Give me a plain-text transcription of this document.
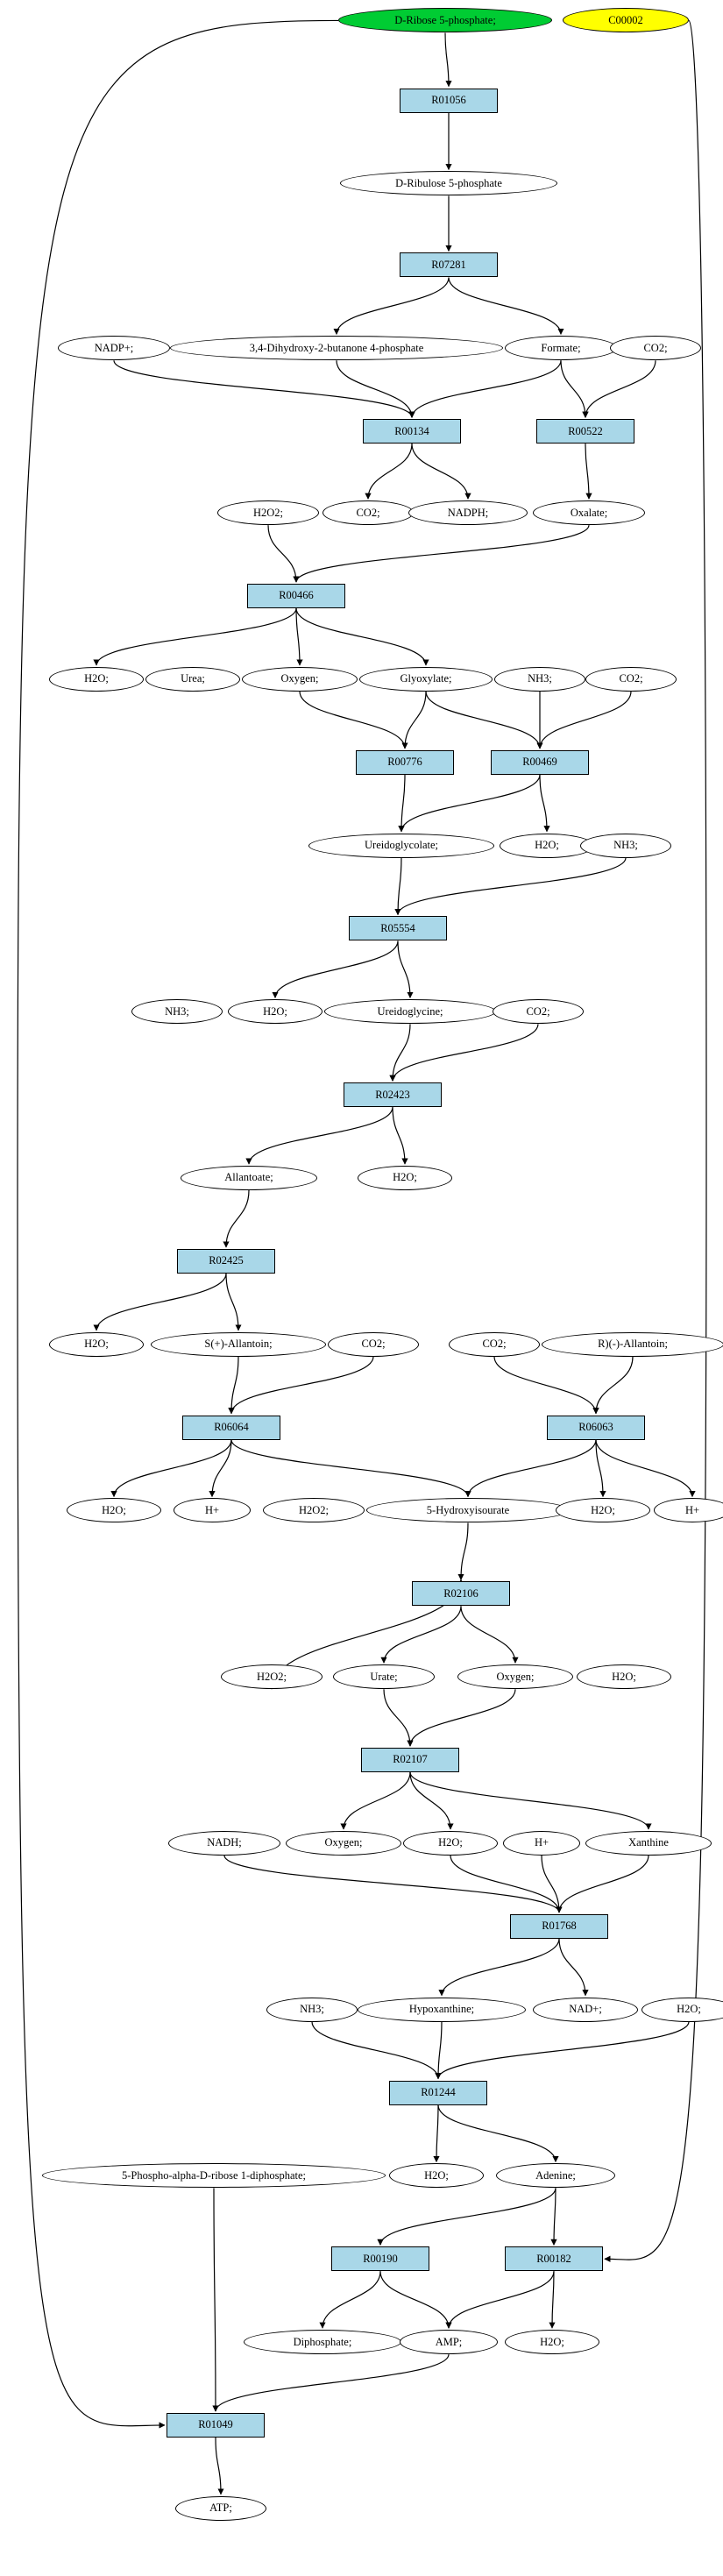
D-Ribose 5-phosphate;	C00002
R01056
D-Ribulose 5-phosphate
R07281
NADP+;	3,4-Dihydroxy-2-butanone 4-phosphate	Formate;	CO2;
R00134	R00522
H2O2;	CO2;	NADPH;	Oxalate;
R00466
H2O;	Urea;	Oxygen;	Glyoxylate;	NH3;	CO2;
R00776	R00469
Ureidoglycolate;	H2O;	NH3;
R05554
NH3;	H2O;	Ureidoglycine;	CO2;
R02423
Allantoate;	H2O;
R02425
H2O;	S(+)-Allantoin;	CO2;	CO2;	R)(-)-Allantoin;
R06064	R06063
H2O;	H+	H2O2;	5-Hydroxyisourate	H2O;	H+
R02106
H2O2;	Urate;	Oxygen;	H2O;
R02107
NADH;	Oxygen;	H2O;	H+	Xanthine
R01768
NH3;	Hypoxanthine;	NAD+;	H2O;
R01244
5-Phospho-alpha-D-ribose 1-diphosphate;	H2O;	Adenine;
R00190	R00182
Diphosphate;	AMP;	H2O;
R01049
ATP;
